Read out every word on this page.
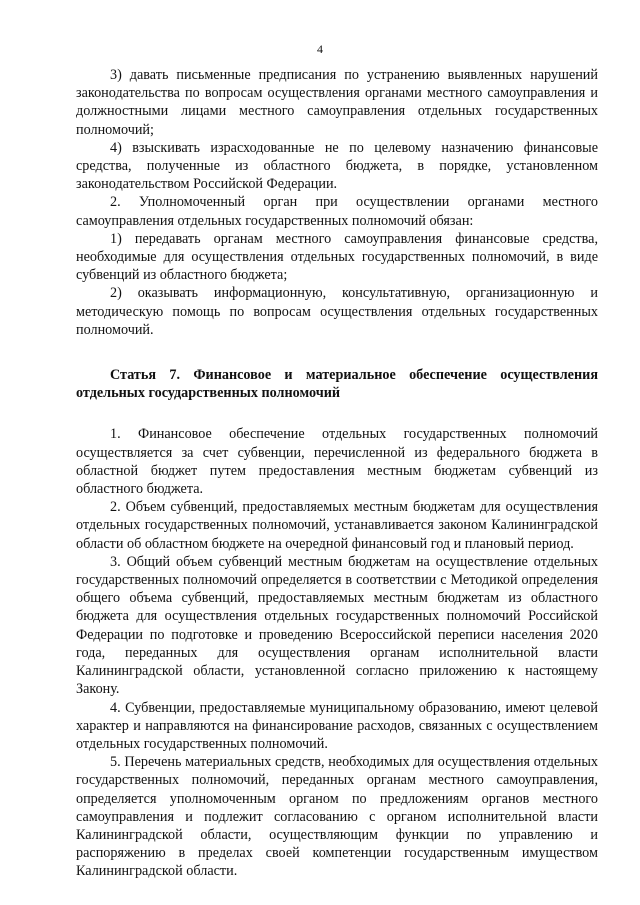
4

3) давать письменные предписания по устранению выявленных нарушений законодательства по вопросам осуществления органами местного самоуправления и должностными лицами местного самоуправления отдельных государственных полномочий;

4) взыскивать израсходованные не по целевому назначению финансовые средства, полученные из областного бюджета, в порядке, установленном законодательством Российской Федерации.

2. Уполномоченный орган при осуществлении органами местного самоуправления отдельных государственных полномочий обязан:

1) передавать органам местного самоуправления финансовые средства, необходимые для осуществления отдельных государственных полномочий, в виде субвенций из областного бюджета;

2) оказывать информационную, консультативную, организационную и методическую помощь по вопросам осуществления отдельных государственных полномочий.

Статья 7. Финансовое и материальное обеспечение осуществления отдельных государственных полномочий

1. Финансовое обеспечение отдельных государственных полномочий осуществляется за счет субвенции, перечисленной из федерального бюджета в областной бюджет путем предоставления местным бюджетам субвенций из областного бюджета.

2. Объем субвенций, предоставляемых местным бюджетам для осуществления отдельных государственных полномочий, устанавливается законом Калининградской области об областном бюджете на очередной финансовый год и плановый период.

3. Общий объем субвенций местным бюджетам на осуществление отдельных государственных полномочий определяется в соответствии с Методикой определения общего объема субвенций, предоставляемых местным бюджетам из областного бюджета для осуществления отдельных государственных полномочий Российской Федерации по подготовке и проведению Всероссийской переписи населения 2020 года, переданных для осуществления органам исполнительной власти Калининградской области, установленной согласно приложению к настоящему Закону.

4. Субвенции, предоставляемые муниципальному образованию, имеют целевой характер и направляются на финансирование расходов, связанных с осуществлением отдельных государственных полномочий.

5. Перечень материальных средств, необходимых для осуществления отдельных государственных полномочий, переданных органам местного самоуправления, определяется уполномоченным органом по предложениям органов местного самоуправления и подлежит согласованию с органом исполнительной власти Калининградской области, осуществляющим функции по управлению и распоряжению в пределах своей компетенции государственным имуществом Калининградской области.
